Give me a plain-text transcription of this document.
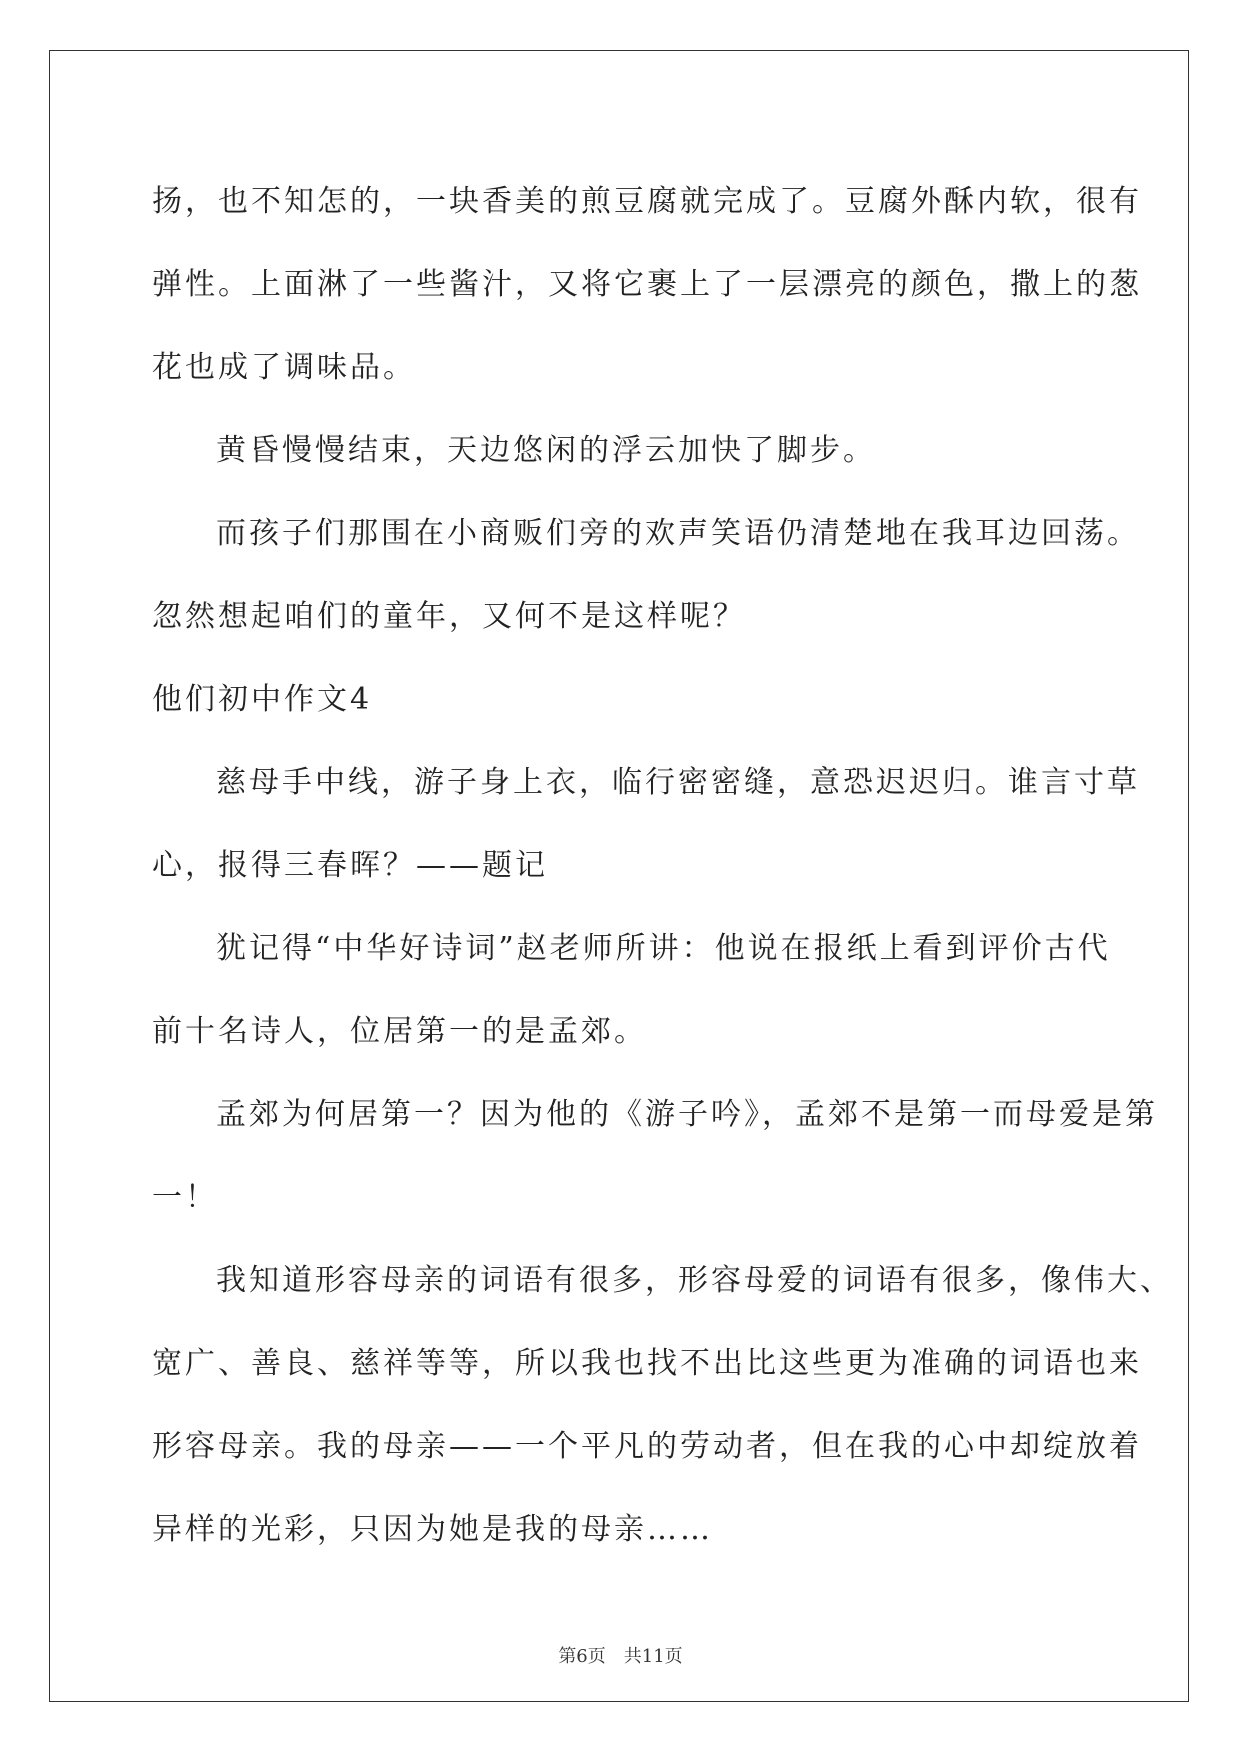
扬，也不知怎的，一块香美的煎豆腐就完成了。豆腐外酥内软，很有
弹性。上面淋了一些酱汁，又将它裹上了一层漂亮的颜色，撒上的葱
花也成了调味品。
黄昏慢慢结束，天边悠闲的浮云加快了脚步。
而孩子们那围在小商贩们旁的欢声笑语仍清楚地在我耳边回荡。
忽然想起咱们的童年，又何不是这样呢？
他们初中作文4
慈母手中线，游子身上衣，临行密密缝，意恐迟迟归。谁言寸草
心，报得三春晖？——题记
犹记得“中华好诗词”赵老师所讲：他说在报纸上看到评价古代
前十名诗人，位居第一的是孟郊。
孟郊为何居第一？因为他的《游子吟》，孟郊不是第一而母爱是第
一！
我知道形容母亲的词语有很多，形容母爱的词语有很多，像伟大、
宽广、善良、慈祥等等，所以我也找不出比这些更为准确的词语也来
形容母亲。我的母亲——一个平凡的劳动者，但在我的心中却绽放着
异样的光彩，只因为她是我的母亲……
第6页　共11页
